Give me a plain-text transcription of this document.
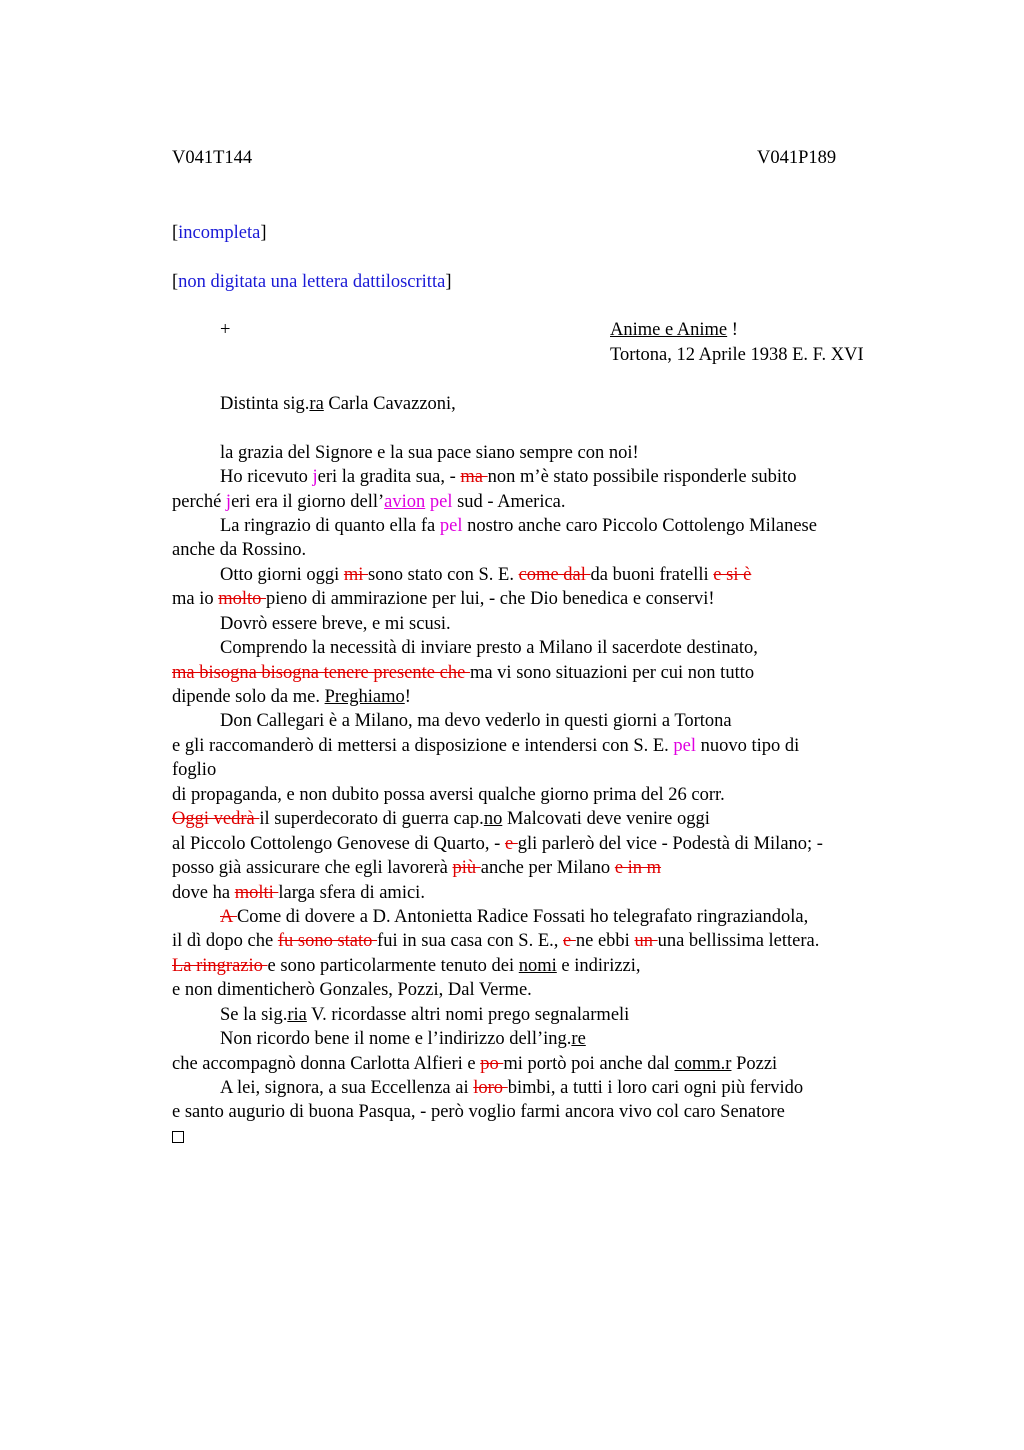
V041T144	V041P189
[incompleta]
[non digitata una lettera dattiloscritta]
+	Anime e Anime !
Tortona, 12 Aprile 1938 E. F. XVI
Distinta sig.ra Carla Cavazzoni,
la grazia del Signore e la sua pace siano sempre con noi!
Ho ricevuto jeri la gradita sua, - ma non m’è stato possibile risponderle subito
perché jeri era il giorno dell’avion pel sud - America.
La ringrazio di quanto ella fa pel nostro anche caro Piccolo Cottolengo Milanese
anche da Rossino.
Otto giorni oggi mi sono stato con S. E. come dal da buoni fratelli e si è
ma io molto pieno di ammirazione per lui, - che Dio benedica e conservi!
Dovrò essere breve, e mi scusi.
Comprendo la necessità di inviare presto a Milano il sacerdote destinato,
ma bisogna bisogna tenere presente che ma vi sono situazioni per cui non tutto
dipende solo da me. Preghiamo!
Don Callegari è a Milano, ma devo vederlo in questi giorni a Tortona
e gli raccomanderò di mettersi a disposizione e intendersi con S. E. pel nuovo tipo di
foglio
di propaganda, e non dubito possa aversi qualche giorno prima del 26 corr.
Oggi vedrà il superdecorato di guerra cap.no Malcovati deve venire oggi
al Piccolo Cottolengo Genovese di Quarto, - e gli parlerò del vice - Podestà di Milano; -
posso già assicurare che egli lavorerà più anche per Milano e in m
dove ha molti larga sfera di amici.
A Come di dovere a D. Antonietta Radice Fossati ho telegrafato ringraziandola,
il dì dopo che fu sono stato fui in sua casa con S. E., e ne ebbi un una bellissima lettera.
La ringrazio e sono particolarmente tenuto dei nomi e indirizzi,
e non dimenticherò Gonzales, Pozzi, Dal Verme.
Se la sig.ria V. ricordasse altri nomi prego segnalarmeli
Non ricordo bene il nome e l’indirizzo dell’ing.re
che accompagnò donna Carlotta Alfieri e po mi portò poi anche dal comm.r Pozzi
A lei, signora, a sua Eccellenza ai loro bimbi, a tutti i loro cari ogni più fervido
e santo augurio di buona Pasqua, - però voglio farmi ancora vivo col caro Senatore
